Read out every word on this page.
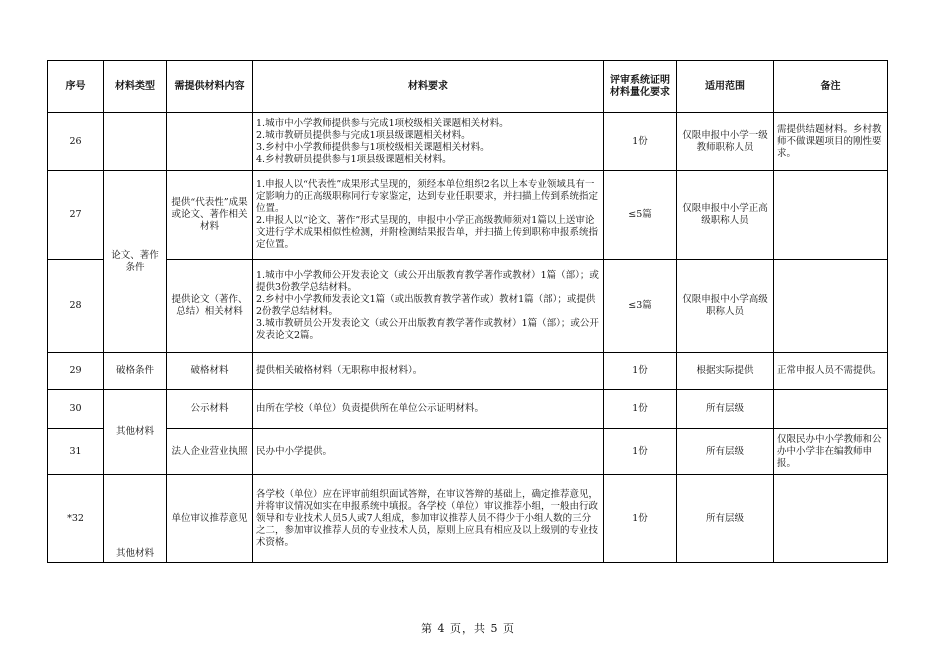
序号	材料类型	需提供材料内容	材料要求	评审系统证明材料量化要求	适用范围	备注
26			1.城市中小学教师提供参与完成1项校级相关课题相关材料。
2.城市教研员提供参与完成1项县级课题相关材料。
3.乡村中小学教师提供参与1项校级相关课题相关材料。
4.乡村教研员提供参与1项县级课题相关材料。	1份	仅限申报中小学一级教师职称人员	需提供结题材料。乡村教师不做课题项目的刚性要求。
27	论文、著作条件	提供“代表性”成果或论文、著作相关材料	1.申报人以“代表性”成果形式呈现的，须经本单位组织2名以上本专业领域具有一定影响力的正高级职称同行专家鉴定，达到专业任职要求，并扫描上传到系统指定位置。
2.申报人以“论文、著作”形式呈现的，申报中小学正高级教师须对1篇以上送审论文进行学术成果相似性检测，并附检测结果报告单，并扫描上传到职称申报系统指定位置。	≤5篇	仅限申报中小学正高级职称人员	
28		提供论文（著作、总结）相关材料	1.城市中小学教师公开发表论文（或公开出版教育教学著作或教材）1篇（部）；或提供3份教学总结材料。
2.乡村中小学教师发表论文1篇（或出版教育教学著作或）教材1篇（部）；或提供2份教学总结材料。
3.城市教研员公开发表论文（或公开出版教育教学著作或教材）1篇（部）；或公开发表论文2篇。	≤3篇	仅限申报中小学高级职称人员	
29	破格条件	破格材料	提供相关破格材料（无职称申报材料）。	1份	根据实际提供	正常申报人员不需提供。
30	其他材料	公示材料	由所在学校（单位）负责提供所在单位公示证明材料。	1份	所有层级	
31		法人企业营业执照	民办中小学提供。	1份	所有层级	仅限民办中小学教师和公办中小学非在编教师申报。
*32	其他材料	单位审议推荐意见	各学校（单位）应在评审前组织面试答辩，在审议答辩的基础上，确定推荐意见，并将审议情况如实在申报系统中填报。各学校（单位）审议推荐小组，一般由行政领导和专业技术人员5人或7人组成，参加审议推荐人员不得少于小组人数的三分之二，参加审议推荐人员的专业技术人员，原则上应具有相应及以上级别的专业技术资格。	1份	所有层级	
第 4 页，共 5 页
